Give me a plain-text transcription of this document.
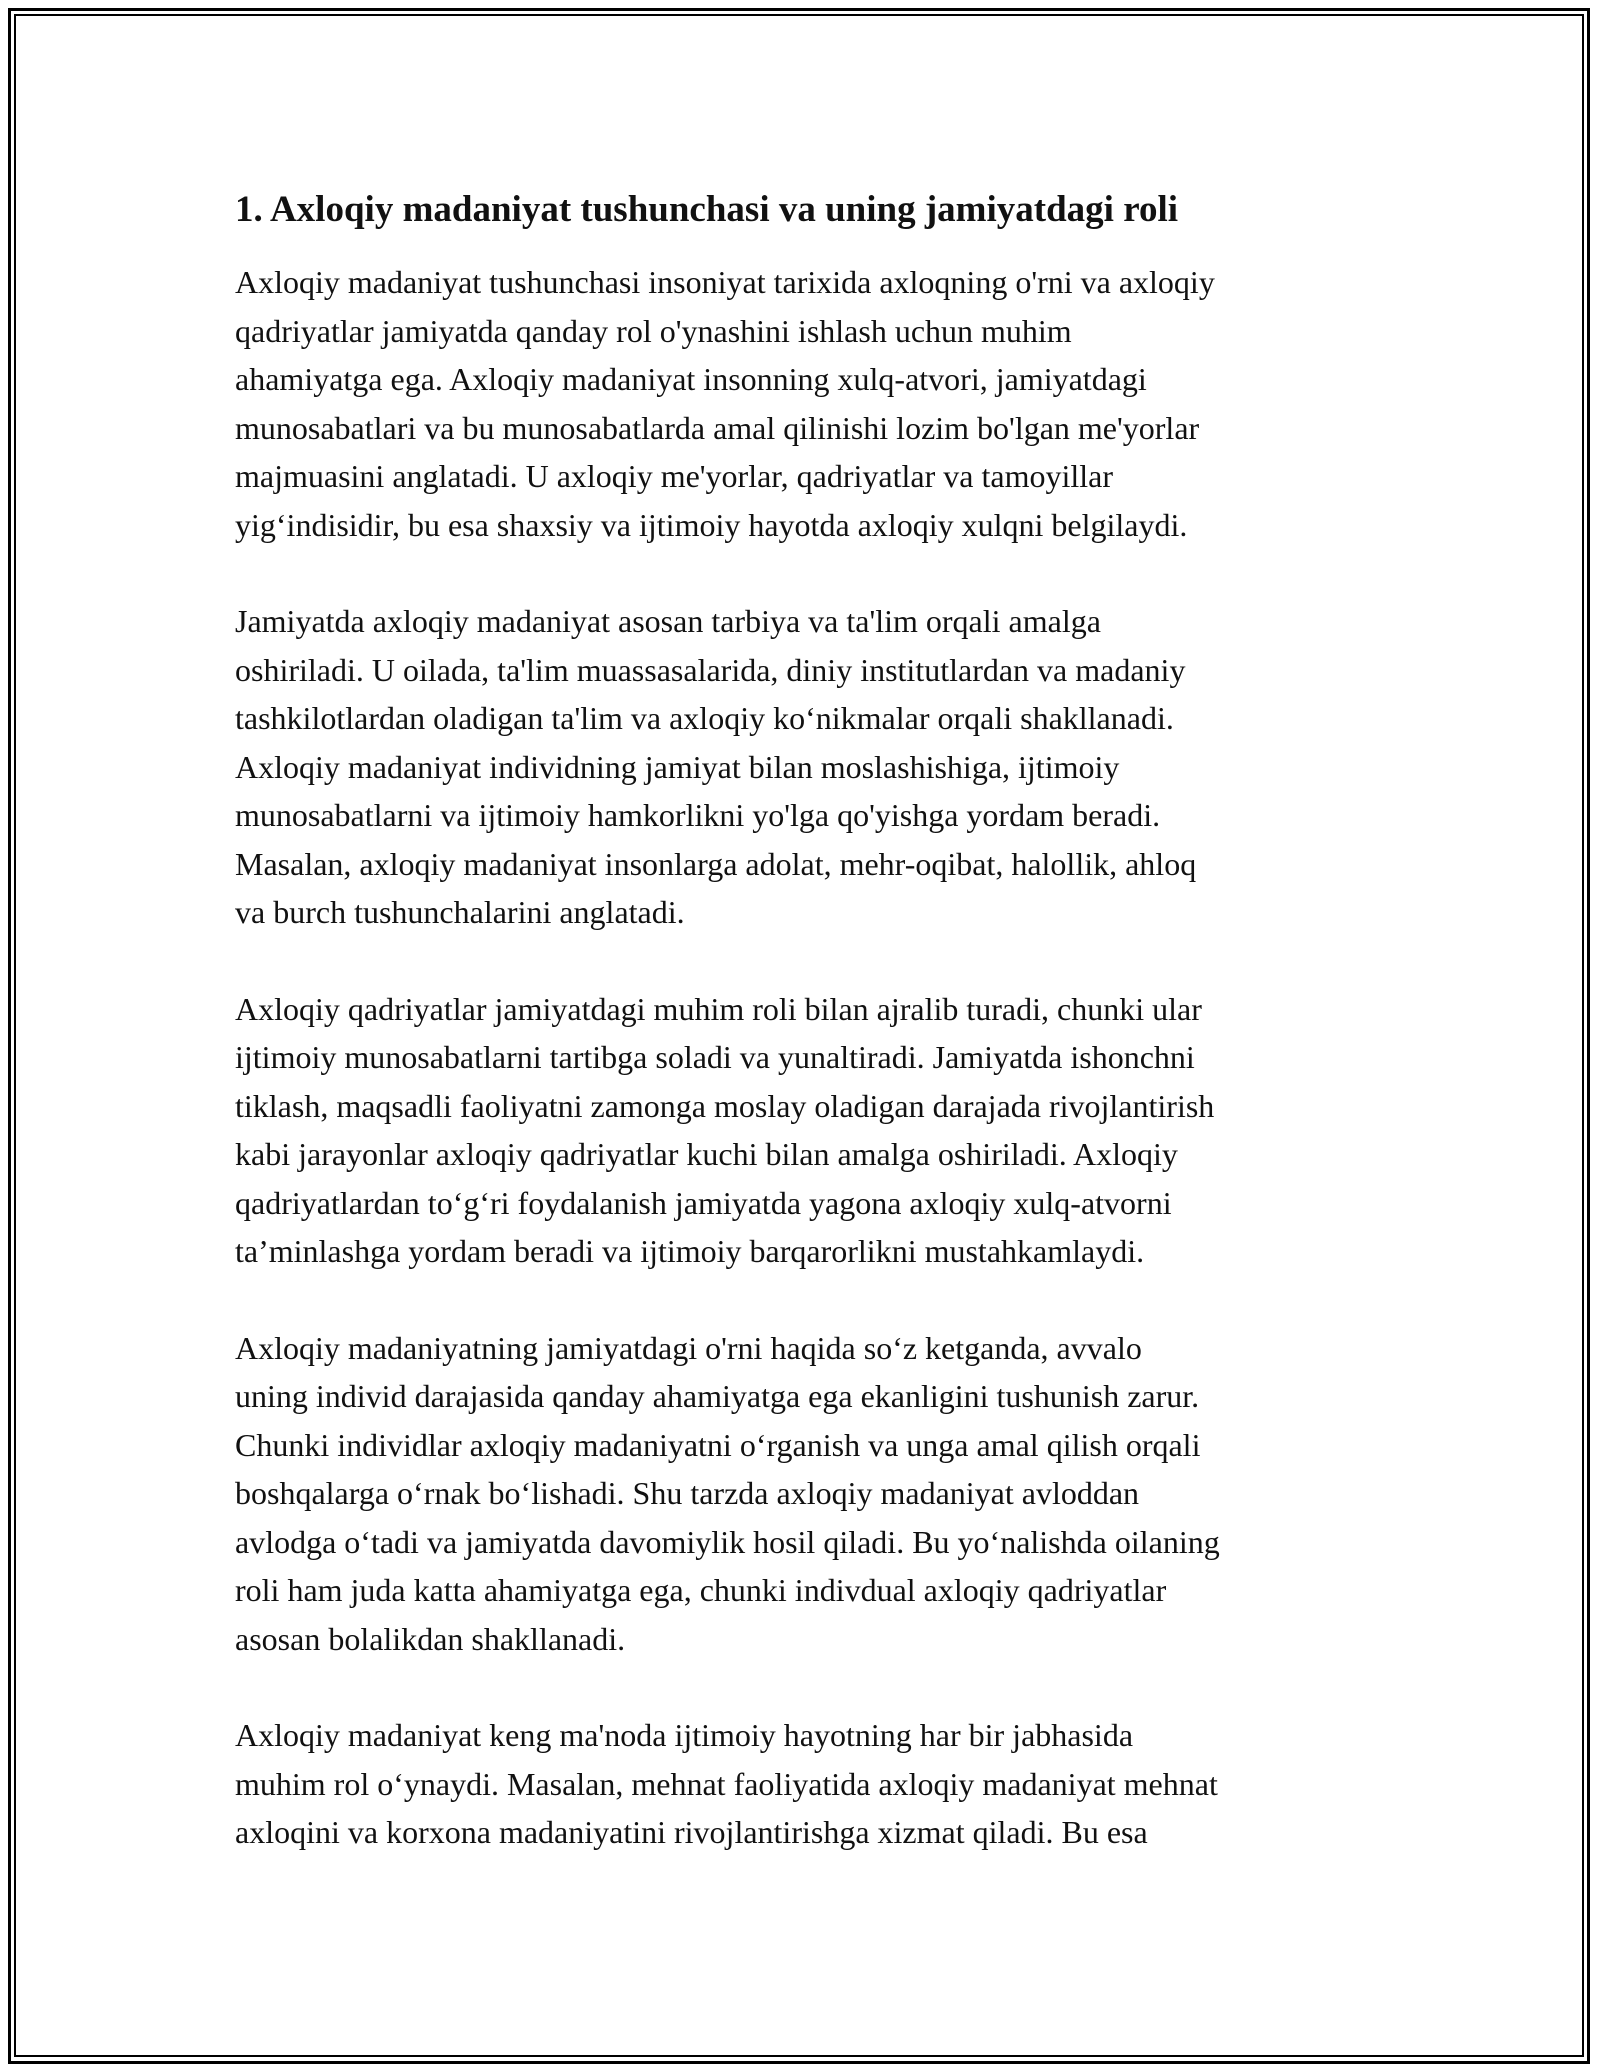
1. Axloqiy madaniyat tushunchasi va uning jamiyatdagi roli

Axloqiy madaniyat tushunchasi insoniyat tarixida axloqning o'rni va axloqiy
qadriyatlar jamiyatda qanday rol o'ynashini ishlash uchun muhim
ahamiyatga ega. Axloqiy madaniyat insonning xulq-atvori, jamiyatdagi
munosabatlari va bu munosabatlarda amal qilinishi lozim bo'lgan me'yorlar
majmuasini anglatadi. U axloqiy me'yorlar, qadriyatlar va tamoyillar
yig‘indisidir, bu esa shaxsiy va ijtimoiy hayotda axloqiy xulqni belgilaydi.

Jamiyatda axloqiy madaniyat asosan tarbiya va ta'lim orqali amalga
oshiriladi. U oilada, ta'lim muassasalarida, diniy institutlardan va madaniy
tashkilotlardan oladigan ta'lim va axloqiy ko‘nikmalar orqali shakllanadi.
Axloqiy madaniyat individning jamiyat bilan moslashishiga, ijtimoiy
munosabatlarni va ijtimoiy hamkorlikni yo'lga qo'yishga yordam beradi.
Masalan, axloqiy madaniyat insonlarga adolat, mehr-oqibat, halollik, ahloq
va burch tushunchalarini anglatadi.

Axloqiy qadriyatlar jamiyatdagi muhim roli bilan ajralib turadi, chunki ular
ijtimoiy munosabatlarni tartibga soladi va yunaltiradi. Jamiyatda ishonchni
tiklash, maqsadli faoliyatni zamonga moslay oladigan darajada rivojlantirish
kabi jarayonlar axloqiy qadriyatlar kuchi bilan amalga oshiriladi. Axloqiy
qadriyatlardan to‘g‘ri foydalanish jamiyatda yagona axloqiy xulq-atvorni
ta’minlashga yordam beradi va ijtimoiy barqarorlikni mustahkamlaydi.

Axloqiy madaniyatning jamiyatdagi o'rni haqida so‘z ketganda, avvalo
uning individ darajasida qanday ahamiyatga ega ekanligini tushunish zarur.
Chunki individlar axloqiy madaniyatni o‘rganish va unga amal qilish orqali
boshqalarga o‘rnak bo‘lishadi. Shu tarzda axloqiy madaniyat avloddan
avlodga o‘tadi va jamiyatda davomiylik hosil qiladi. Bu yo‘nalishda oilaning
roli ham juda katta ahamiyatga ega, chunki indivdual axloqiy qadriyatlar
asosan bolalikdan shakllanadi.

Axloqiy madaniyat keng ma'noda ijtimoiy hayotning har bir jabhasida
muhim rol o‘ynaydi. Masalan, mehnat faoliyatida axloqiy madaniyat mehnat
axloqini va korxona madaniyatini rivojlantirishga xizmat qiladi. Bu esa
